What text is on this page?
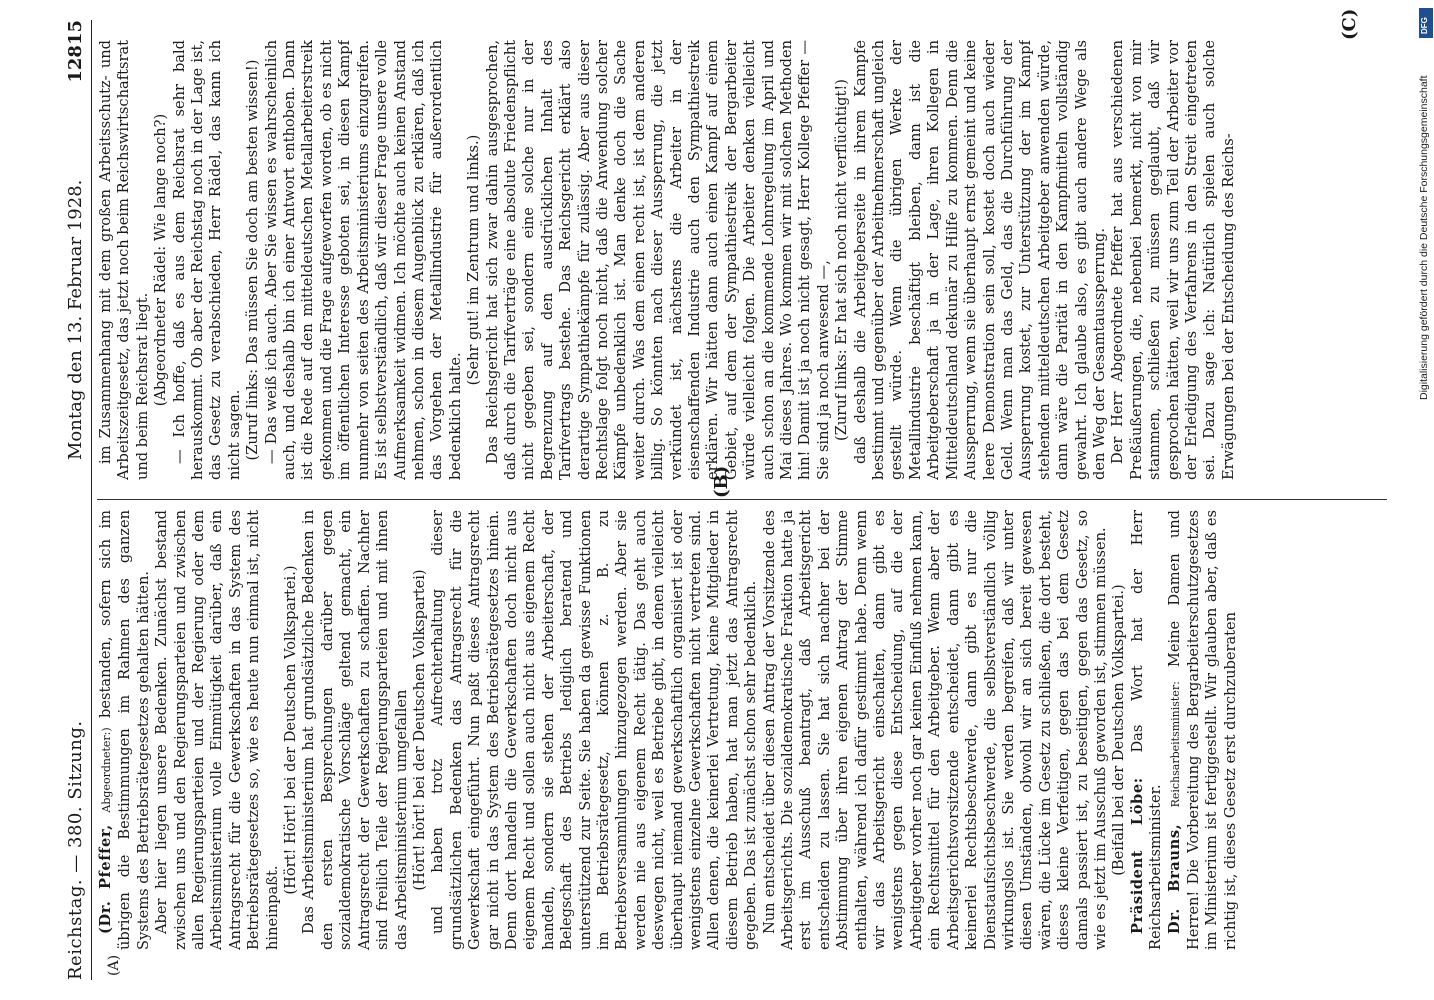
Reichstag. — 380. Sitzung.
Montag den 13. Februar 1928.
12815
(A)
(B)
(C)

(Dr. Pfeffer, Abgeordneter:) bestanden, sofern sich im übrigen die Bestimmungen im Rahmen des ganzen Systems des Betriebsrätegesetzes gehalten hätten. Aber hier liegen unsere Bedenken. Zunächst bestand zwischen uns und den Regierungsparteien und zwischen allen Regierungsparteien und der Regierung oder dem Arbeitsministerium volle Einmütigkeit darüber, daß ein Antragsrecht für die Gewerkschaften in das System des Betriebsrätegesetzes so, wie es heute nun einmal ist, nicht hineinpaßt.

(Hört! Hört! bei der Deutschen Volkspartei.) Das Arbeitsministerium hat grundsätzliche Bedenken in den ersten Besprechungen darüber gegen sozialdemokratische Vorschläge geltend gemacht, ein Antragsrecht der Gewerkschaften zu schaffen. Nachher sind freilich Teile der Regierungsparteien und mit ihnen das Arbeitsministerium umgefallen (Hört! hört! bei der Deutschen Volkspartei) und haben trotz Aufrechterhaltung dieser grundsätzlichen Bedenken das Antragsrecht für die Gewerkschaft eingeführt. Nun paßt dieses Antragsrecht gar nicht in das System des Betriebsrätegesetzes hinein. Denn dort handeln die Gewerkschaften doch nicht aus eigenem Recht und sollen auch nicht aus eigenem Recht handeln, sondern sie stehen der Arbeiterschaft, der Belegschaft des Betriebs lediglich beratend und unterstützend zur Seite. Sie haben da gewisse Funktionen im Betriebsrätegesetz, können z. B. zu Betriebsversammlungen hinzugezogen werden. Aber sie werden nie aus eigenem Recht tätig. Das geht auch deswegen nicht, weil es Betriebe gibt, in denen vielleicht überhaupt niemand gewerkschaftlich organisiert ist oder wenigstens einzelne Gewerkschaften nicht vertreten sind. Allen denen, die keinerlei Vertretung, keine Mitglieder in diesem Betrieb haben, hat man jetzt das Antragsrecht gegeben. Das ist zunächst schon sehr bedenklich. Nun entscheidet über diesen Antrag der Vorsitzende des Arbeitsgerichts. Die sozialdemokratische Fraktion hatte ja erst im Ausschuß beantragt, daß Arbeitsgericht entscheiden zu lassen. Sie hat sich nachher bei der Abstimmung über ihren eigenen Antrag der Stimme enthalten, während ich dafür gestimmt habe. Denn wenn wir das Arbeitsgericht einschalten, dann gibt es wenigstens gegen diese Entscheidung, auf die der Arbeitgeber vorher noch gar keinen Einfluß nehmen kann, ein Rechtsmittel für den Arbeitgeber. Wenn aber der Arbeitsgerichtsvorsitzende entscheidet, dann gibt es keinerlei Rechtsbeschwerde, dann gibt es nur die Dienstaufsichtsbeschwerde, die selbstverständlich völlig wirkungslos ist. Sie werden begreifen, daß wir unter diesen Umständen, obwohl wir an sich bereit gewesen wären, die Lücke im Gesetz zu schließen, die dort besteht, dieses kleine Verfeitigen, gegen das bei dem Gesetz damals passiert ist, zu beseitigen, gegen das Gesetz, so wie es jetzt im Ausschuß geworden ist, stimmen müssen. (Beifall bei der Deutschen Volkspartei.) Präsident Löbe: Das Wort hat der Herr Reichsarbeitsminister. Dr. Brauns, Reichsarbeitsminister: Meine Damen und Herren! Die Vorbereitung des Bergarbeiterschutzgesetzes im Ministerium ist fertiggestellt. Wir glauben aber, daß es richtig ist, dieses Gesetz erst durchzuberaten

im Zusammenhang mit dem großen Arbeitsschutz- und Arbeitszeitgesetz, das jetzt noch beim Reichswirtschaftsrat und beim Reichsrat liegt. (Abgeordneter Rädel: Wie lange noch?) — Ich hoffe, daß es aus dem Reichsrat sehr bald herauskommt. Ob aber der Reichstag noch in der Lage ist, das Gesetz zu verabschieden, Herr Rädel, das kann ich nicht sagen. (Zuruf links: Das müssen Sie doch am besten wissen!) — Das weiß ich auch. Aber Sie wissen es wahrscheinlich auch, und deshalb bin ich einer Antwort enthoben. Dann ist die Rede auf den mitteldeutschen Metallarbeiterstreik gekommen und die Frage aufgeworfen worden, ob es nicht im öffentlichen Interesse geboten sei, in diesen Kampf nunmehr von seiten des Arbeitsministeriums einzugreifen. Es ist selbstverständlich, daß wir dieser Frage unsere volle Aufmerksamkeit widmen. Ich möchte auch keinen Anstand nehmen, schon in diesem Augenblick zu erklären, daß ich das Vorgehen der Metallindustrie für außerordentlich bedenklich halte.

(Sehr gut! im Zentrum und links.) Das Reichsgericht hat sich zwar dahin ausgesprochen, daß durch die Tarifverträge eine absolute Friedenspflicht nicht gegeben sei, sondern eine solche nur in der Begrenzung auf den ausdrücklichen Inhalt des Tarifvertrags bestehe. Das Reichsgericht erklärt also derartige Sympathiekämpfe für zulässig. Aber aus dieser Rechtslage folgt noch nicht, daß die Anwendung solcher Kämpfe unbedenklich ist. Man denke doch die Sache weiter durch. Was dem einen recht ist, ist dem anderen billig. So könnten nach dieser Aussperrung, die jetzt verkündet ist, nächstens die Arbeiter in der eisenschaffenden Industrie auch den Sympathiestreik erklären. Wir hätten dann auch einen Kampf auf einem Gebiet, auf dem der Sympathiestreik der Bergarbeiter würde vielleicht folgen. Die Arbeiter denken vielleicht auch schon an die kommende Lohnregelung im April und Mai dieses Jahres. Wo kommen wir mit solchen Methoden hin! Damit ist ja noch nicht gesagt, Herr Kollege Pfeffer — Sie sind ja noch anwesend —, (Zuruf links: Er hat sich noch nicht verflüchtigt!) daß deshalb die Arbeitgeberseite in ihrem Kampfe bestimmt und gegenüber der Arbeitnehmerschaft ungleich gestellt würde. Wenn die übrigen Werke der Metallindustrie beschäftigt bleiben, dann ist die Arbeitgeberschaft ja in der Lage, ihren Kollegen in Mitteldeutschland dekunär zu Hilfe zu kommen. Denn die Aussperrung, wenn sie überhaupt ernst gemeint und keine leere Demonstration sein soll, kostet doch auch wieder Geld. Wenn man das Geld, das die Durchführung der Aussperrung kostet, zur Unterstützung der im Kampf stehenden mitteldeutschen Arbeitgeber anwenden würde, dann wäre die Parität in den Kampfmitteln vollständig gewahrt. Ich glaube also, es gibt auch andere Wege als den Weg der Gesamtaussperrung. Der Herr Abgeordnete Pfeffer hat aus verschiedenen Preßäußerungen, die, nebenbei bemerkt, nicht von mir stammen, schließen zu müssen geglaubt, daß wir gesprochen hätten, weil wir uns zum Teil der Arbeiter vor der Erledigung des Verfahrens in den Streit eingetreten sei. Dazu sage ich: Natürlich spielen auch solche Erwägungen bei der Entscheidung des Reichs-	Digitalisierung gefördert durch die Deutsche Forschungsgemeinschaft
DFG
